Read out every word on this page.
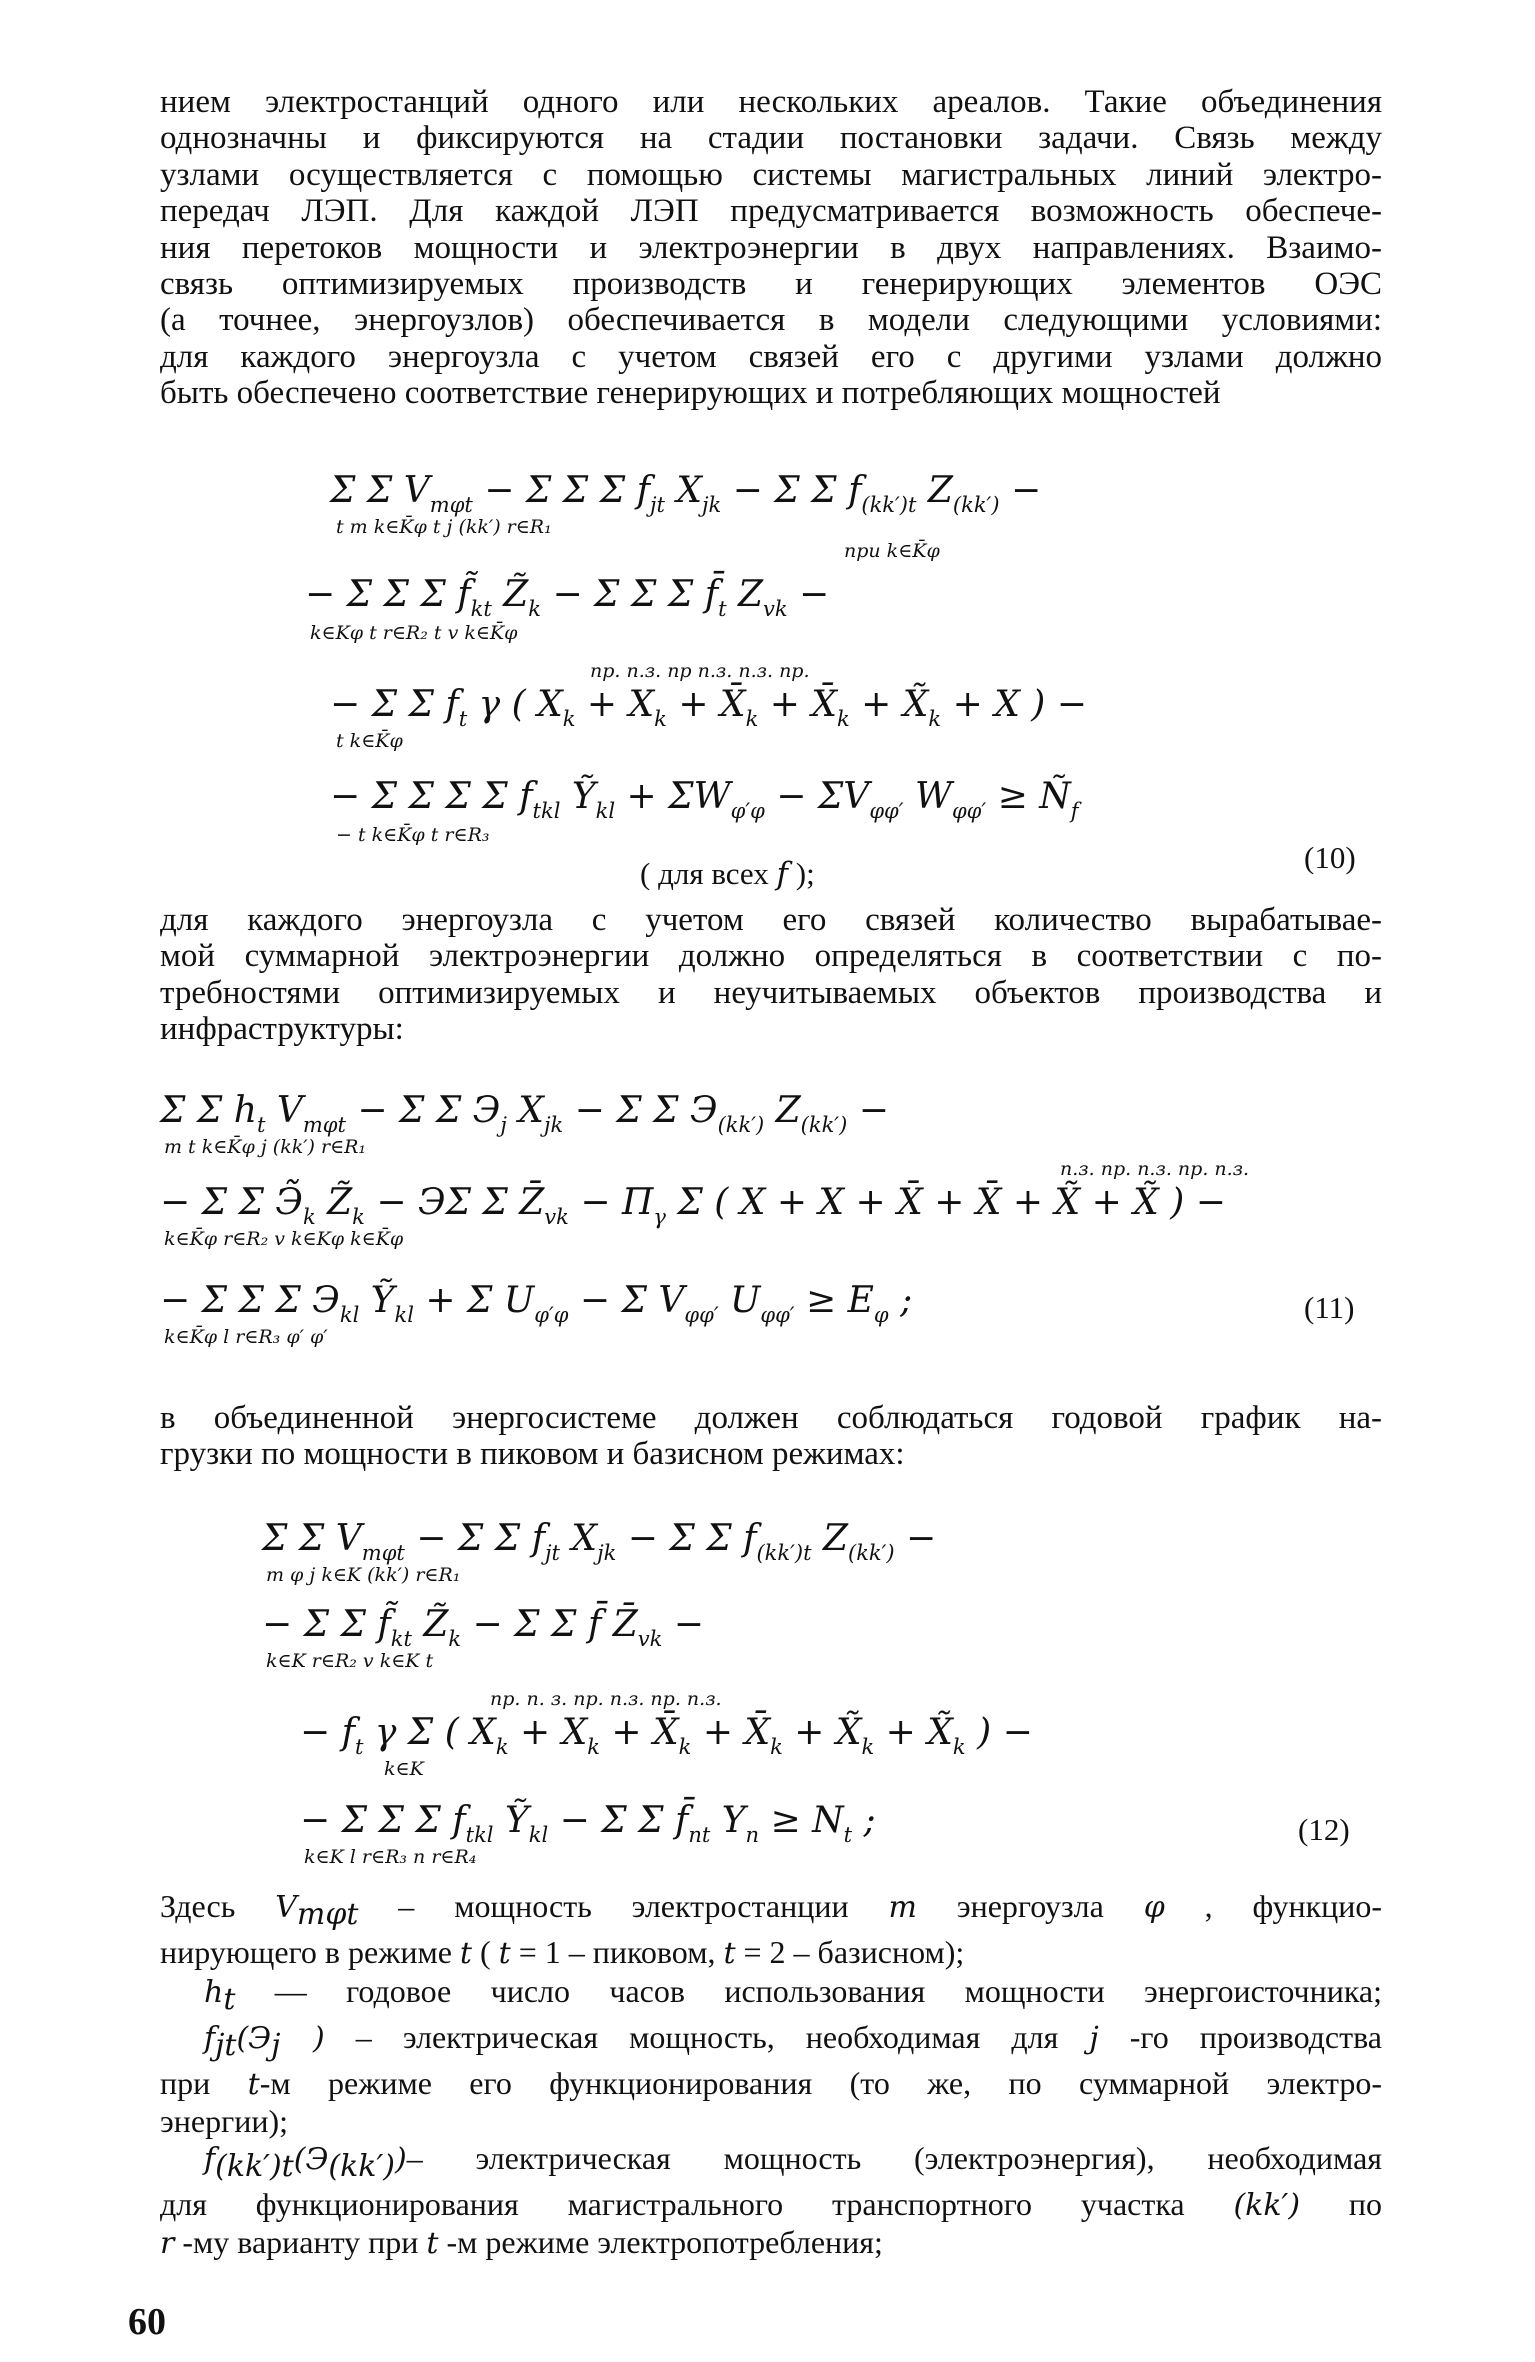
нием электростанций одного или нескольких ареалов. Такие объединения
однозначны и фиксируются на стадии постановки задачи. Связь между
узлами осуществляется с помощью системы магистральных линий электро-
передач ЛЭП. Для каждой ЛЭП предусматривается возможность обеспече-
ния перетоков мощности и электроэнергии в двух направлениях. Взаимо-
связь оптимизируемых производств и генерирующих элементов ОЭС
(а точнее, энергоузлов) обеспечивается в модели следующими условиями:
для каждого энергоузла с учетом связей его с другими узлами должно
быть обеспечено соответствие генерирующих и потребляющих мощностей
Σ Σ $V_{m\varphi t} - \Sigma$ Σ Σ $f_{jt}$ $X_{jk} - \Sigma$ Σ $f_{(kk')t}$ $Z_{(kk')}$ −
t m k∈K̄φ t j (kk′) r∈R₁
при k∈K̄φ
− Σ Σ Σ $f̃_{kt}$ $Z̃_k - \Sigma$ Σ Σ $f̄_t$ $Z_{vk}$ −
k∈Kφ t r∈R₂ t v k∈K̄φ
пр. п.з. пр п.з. п.з. пр.
− Σ Σ $f_t$ γ ( $X_k + X_k$ + $X̄_k$ + $X̄_k$ + $X̃_k + X$ ) −
t k∈K̄φ
− Σ Σ Σ Σ $f_{tkl}$ Ỹ$_{kl}$ + $\Sigma W_{\varphi'\varphi} - \Sigma V_{\varphi\varphi'}$ $W_{\varphi\varphi'}$ ≥ $Ñ_f$
− t k∈K̄φ t r∈R₃
( для всех f );	(10)
для каждого энергоузла с учетом его связей количество вырабатывае-
мой суммарной электроэнергии должно определяться в соответствии с по-
требностями оптимизируемых и неучитываемых объектов производства и
инфраструктуры:
Σ Σ $h_t$ $V_{m\varphi t} - \Sigma$ Σ $Э_j$ $X_{jk} - \Sigma$ Σ $Э_{(kk')}$ $Z_{(kk')}$ −
m t k∈K̄φ j (kk′) r∈R₁
п.з. пр. п.з. пр. п.з.
− Σ Σ $Э̃_k$ $Z̃_k - Э\Sigma$ Σ $Z̄_{vk} - П_\gamma$ Σ ( X + X + X̄ + X̄ + X̃ + X̃ ) −
k∈K̄φ r∈R₂ v k∈Kφ k∈K̄φ
− Σ Σ Σ $Э_{kl}$ Ỹ$_{kl}$ + Σ $U_{\varphi'\varphi} - \Sigma$ $V_{\varphi\varphi'}$ $U_{\varphi\varphi'} \ge E_\varphi$ ;
k∈K̄φ l r∈R₃ φ′ φ′
(11)
в объединенной энергосистеме должен соблюдаться годовой график на-
грузки по мощности в пиковом и базисном режимах:
Σ Σ $V_{m\varphi t} - \Sigma$ Σ $f_{jt}$ $X_{jk} - \Sigma$ Σ $f_{(kk')t}$ $Z_{(kk')}$ −
m φ j k∈K (kk′) r∈R₁
− Σ Σ $f̃_{kt}$ $Z̃_k - \Sigma$ Σ f̄ $Z̄_{vk}$ −
k∈K r∈R₂ v k∈K t
пр. п. з. пр. п.з. пр. п.з.
− $f_t$ γ Σ ( $X_k + X_k$ + $X̄_k$ + $X̄_k$ + $X̃_k$ + $X̃_k$ ) −
k∈K
− Σ Σ Σ $f_{tkl}$ Ỹ$_{kl}$ − Σ Σ $f̄_{nt}$ $Y_n \ge N_t$ ;
k∈K l r∈R₃ n r∈R₄
(12)
Здесь $V_{m\varphi t}$ – мощность электростанции m энергоузла φ , функцио-
нирующего в режиме t ( t = 1 – пиковом, t = 2 – базисном);
$h_t$ — годовое число часов использования мощности энергоисточника;
$f_{jt}(Э_j$ ) – электрическая мощность, необходимая для j -го производства
при t-м режиме его функционирования (то же, по суммарной электро-
энергии);
$f_{(kk')t}(Э_{(kk')})-$ электрическая мощность (электроэнергия), необходимая
для функционирования магистрального транспортного участка (kk′) по
r -му варианту при t -м режиме электропотребления;
60
